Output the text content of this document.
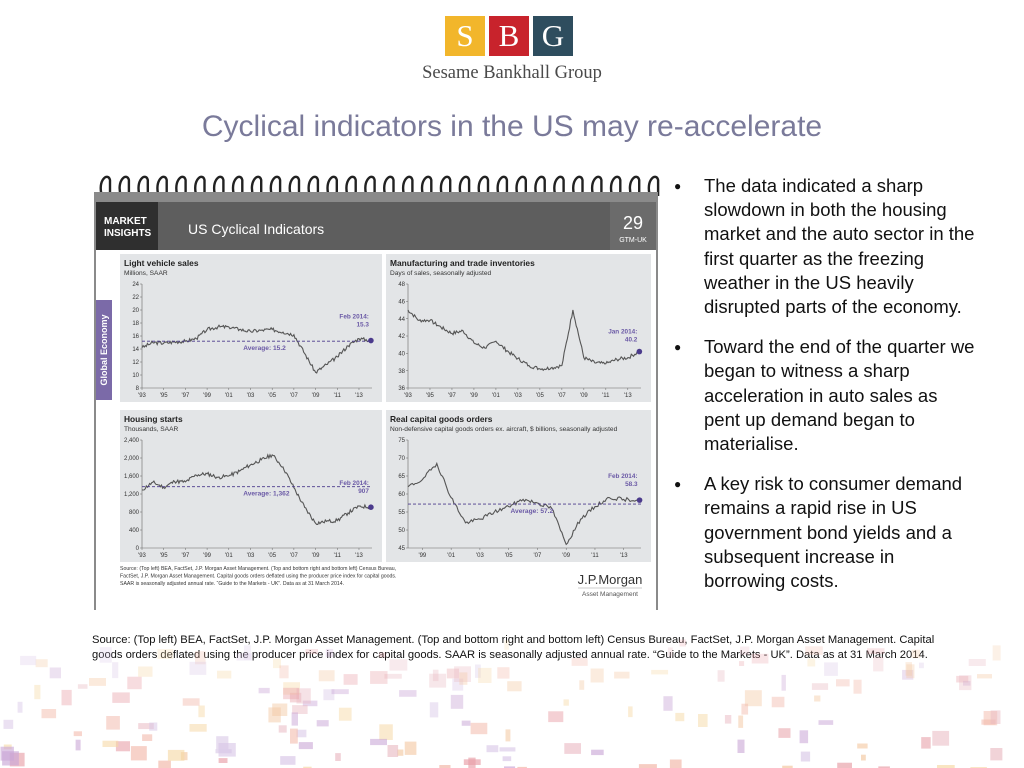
S B G
Sesame Bankhall Group
Cyclical indicators in the US may re-accelerate
MARKET
INSIGHTS	US Cyclical Indicators	29
GTM-UK
Global Economy
Light vehicle sales
Millions, SAAR
8
10
12
14
16
18
20
22
24
'93 '95 '97 '99 '01 '03 '05 '07 '09 '11 '13
Average: 15.2
Feb 2014:
15.3
Manufacturing and trade inventories
Days of sales, seasonally adjusted
36
38
40
42
44
46
48
'93 '95 '97 '99 '01 '03 '05 '07 '09 '11 '13
Jan 2014:
40.2
Housing starts
Thousands, SAAR
0
400
800
1,200
1,600
2,000
2,400
'93 '95 '97 '99 '01 '03 '05 '07 '09 '11 '13
Average: 1,362
Feb 2014:
907
Real capital goods orders
Non-defensive capital goods orders ex. aircraft, $ billions, seasonally adjusted
45
50
55
60
65
70
75
'99	'01	'03	'05	'07	'09	'11	'13
Average: 57.2
Feb 2014:
58.3
Source: (Top left) BEA, FactSet, J.P. Morgan Asset Management. (Top and bottom right and bottom left) Census Bureau,
FactSet, J.P. Morgan Asset Management. Capital goods orders deflated using the producer price index for capital goods.
SAAR is seasonally adjusted annual rate. “Guide to the Markets - UK”. Data as at 31 March 2014.	J.P.Morgan
Asset Management
● The data indicated a sharp slowdown in both the housing market and the auto sector in the first quarter as the freezing weather in the US heavily disrupted parts of the economy.
● Toward the end of the quarter we began to witness a sharp acceleration in auto sales as pent up demand began to materialise.
● A key risk to consumer demand remains a rapid rise in US government bond yields and a subsequent increase in borrowing costs.
Source: (Top left) BEA, FactSet, J.P. Morgan Asset Management. (Top and bottom right and bottom left) Census Bureau, FactSet, J.P. Morgan Asset Management. Capital goods orders deflated using the producer price index for capital goods. SAAR is seasonally adjusted annual rate. “Guide to the Markets - UK”. Data as at 31 March 2014.
